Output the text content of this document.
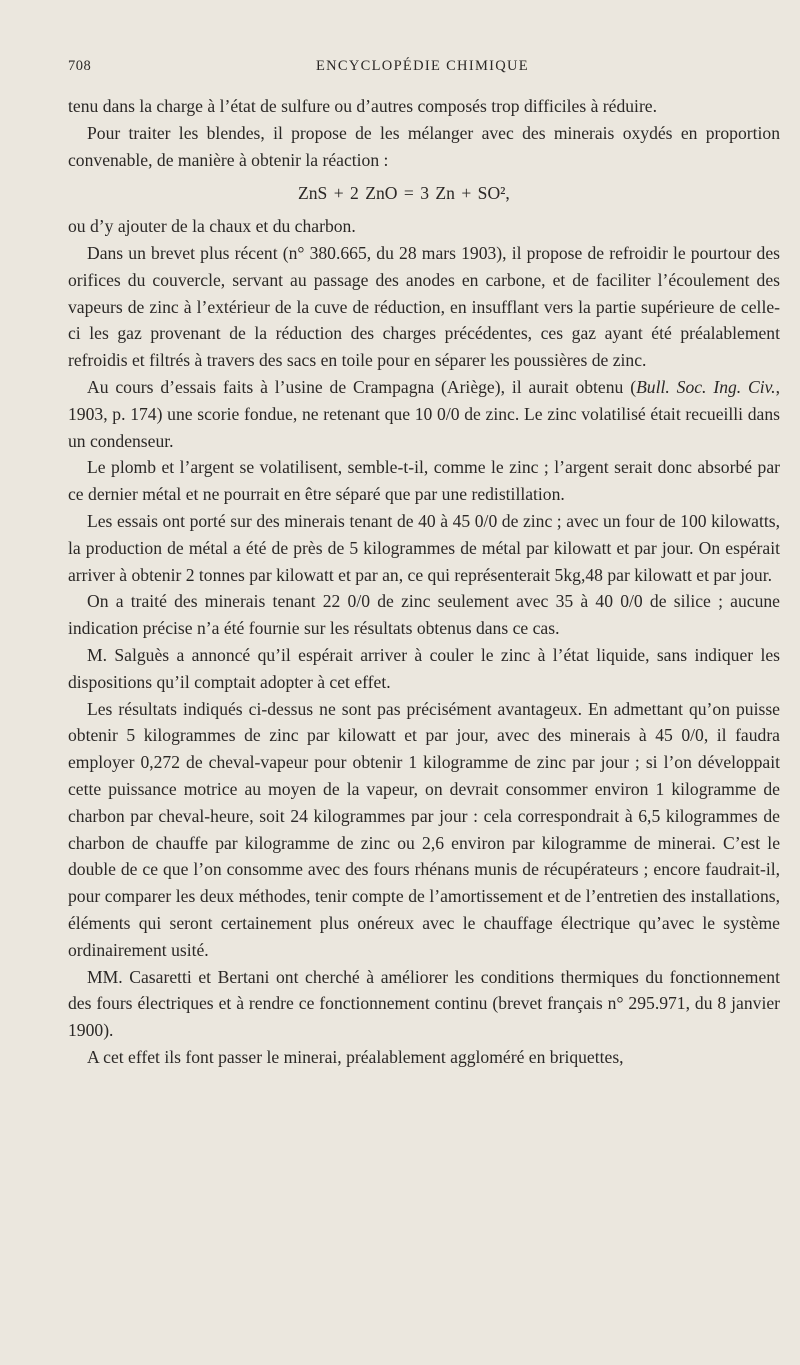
708	ENCYCLOPÉDIE CHIMIQUE

tenu dans la charge à l’état de sulfure ou d’autres composés trop difficiles à réduire.

Pour traiter les blendes, il propose de les mélanger avec des minerais oxydés en proportion convenable, de manière à obtenir la réaction :

ZnS + 2 ZnO = 3 Zn + SO²,

ou d’y ajouter de la chaux et du charbon.

Dans un brevet plus récent (n° 380.665, du 28 mars 1903), il propose de refroidir le pourtour des orifices du couvercle, servant au passage des anodes en carbone, et de faciliter l’écoulement des vapeurs de zinc à l’extérieur de la cuve de réduction, en insufflant vers la partie supérieure de celle-ci les gaz provenant de la réduction des charges précédentes, ces gaz ayant été préalablement refroidis et filtrés à travers des sacs en toile pour en séparer les poussières de zinc.

Au cours d’essais faits à l’usine de Crampagna (Ariège), il aurait obtenu (Bull. Soc. Ing. Civ., 1903, p. 174) une scorie fondue, ne retenant que 10 0/0 de zinc. Le zinc volatilisé était recueilli dans un condenseur.

Le plomb et l’argent se volatilisent, semble-t-il, comme le zinc ; l’argent serait donc absorbé par ce dernier métal et ne pourrait en être séparé que par une redistillation.

Les essais ont porté sur des minerais tenant de 40 à 45 0/0 de zinc ; avec un four de 100 kilowatts, la production de métal a été de près de 5 kilogrammes de métal par kilowatt et par jour. On espérait arriver à obtenir 2 tonnes par kilowatt et par an, ce qui représenterait 5kg,48 par kilowatt et par jour.

On a traité des minerais tenant 22 0/0 de zinc seulement avec 35 à 40 0/0 de silice ; aucune indication précise n’a été fournie sur les résultats obtenus dans ce cas.

M. Salguès a annoncé qu’il espérait arriver à couler le zinc à l’état liquide, sans indiquer les dispositions qu’il comptait adopter à cet effet.

Les résultats indiqués ci-dessus ne sont pas précisément avantageux. En admettant qu’on puisse obtenir 5 kilogrammes de zinc par kilowatt et par jour, avec des minerais à 45 0/0, il faudra employer 0,272 de cheval-vapeur pour obtenir 1 kilogramme de zinc par jour ; si l’on développait cette puissance motrice au moyen de la vapeur, on devrait consommer environ 1 kilogramme de charbon par cheval-heure, soit 24 kilogrammes par jour : cela correspondrait à 6,5 kilogrammes de charbon de chauffe par kilogramme de zinc ou 2,6 environ par kilogramme de minerai. C’est le double de ce que l’on consomme avec des fours rhénans munis de récupérateurs ; encore faudrait-il, pour comparer les deux méthodes, tenir compte de l’amortissement et de l’entretien des installations, éléments qui seront certainement plus onéreux avec le chauffage électrique qu’avec le système ordinairement usité.

MM. Casaretti et Bertani ont cherché à améliorer les conditions thermiques du fonctionnement des fours électriques et à rendre ce fonctionnement continu (brevet français n° 295.971, du 8 janvier 1900).

A cet effet ils font passer le minerai, préalablement aggloméré en briquettes,
